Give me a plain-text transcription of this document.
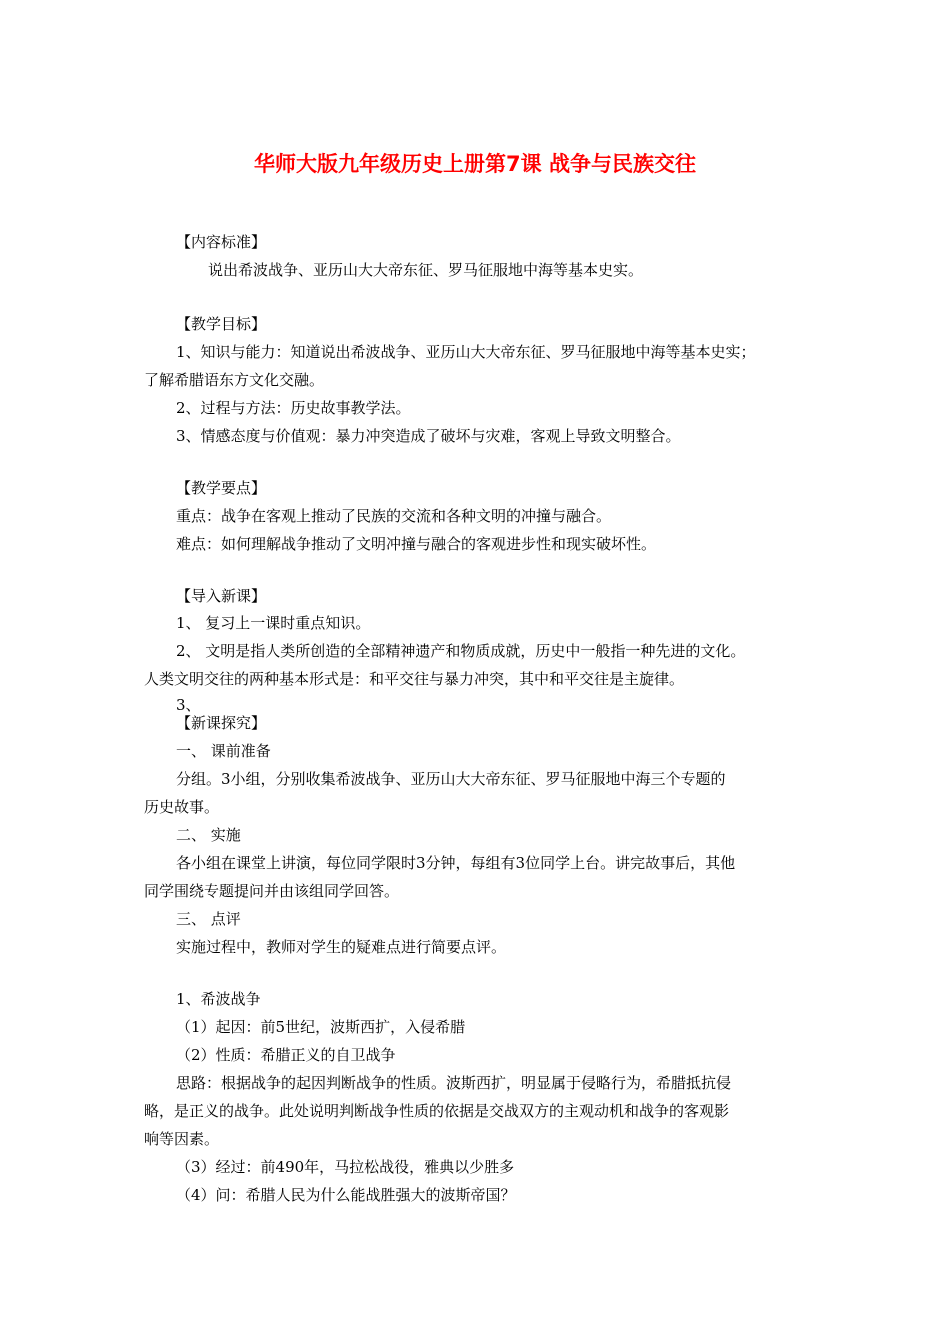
华师大版九年级历史上册第7课 战争与民族交往
【内容标准】
说出希波战争、亚历山大大帝东征、罗马征服地中海等基本史实。
【教学目标】
1、知识与能力：知道说出希波战争、亚历山大大帝东征、罗马征服地中海等基本史实；
了解希腊语东方文化交融。
2、过程与方法：历史故事教学法。
3、情感态度与价值观：暴力冲突造成了破坏与灾难，客观上导致文明整合。
【教学要点】
重点：战争在客观上推动了民族的交流和各种文明的冲撞与融合。
难点：如何理解战争推动了文明冲撞与融合的客观进步性和现实破坏性。
【导入新课】
1、 复习上一课时重点知识。
2、 文明是指人类所创造的全部精神遗产和物质成就，历史中一般指一种先进的文化。
人类文明交往的两种基本形式是：和平交往与暴力冲突，其中和平交往是主旋律。
3、
【新课探究】
一、 课前准备
分组。3小组，分别收集希波战争、亚历山大大帝东征、罗马征服地中海三个专题的
历史故事。
二、 实施
各小组在课堂上讲演，每位同学限时3分钟，每组有3位同学上台。讲完故事后，其他
同学围绕专题提问并由该组同学回答。
三、 点评
实施过程中，教师对学生的疑难点进行简要点评。
1、希波战争
（1）起因：前5世纪，波斯西扩，入侵希腊
（2）性质：希腊正义的自卫战争
思路：根据战争的起因判断战争的性质。波斯西扩，明显属于侵略行为，希腊抵抗侵
略，是正义的战争。此处说明判断战争性质的依据是交战双方的主观动机和战争的客观影
响等因素。
（3）经过：前490年，马拉松战役，雅典以少胜多
（4）问：希腊人民为什么能战胜强大的波斯帝国？
